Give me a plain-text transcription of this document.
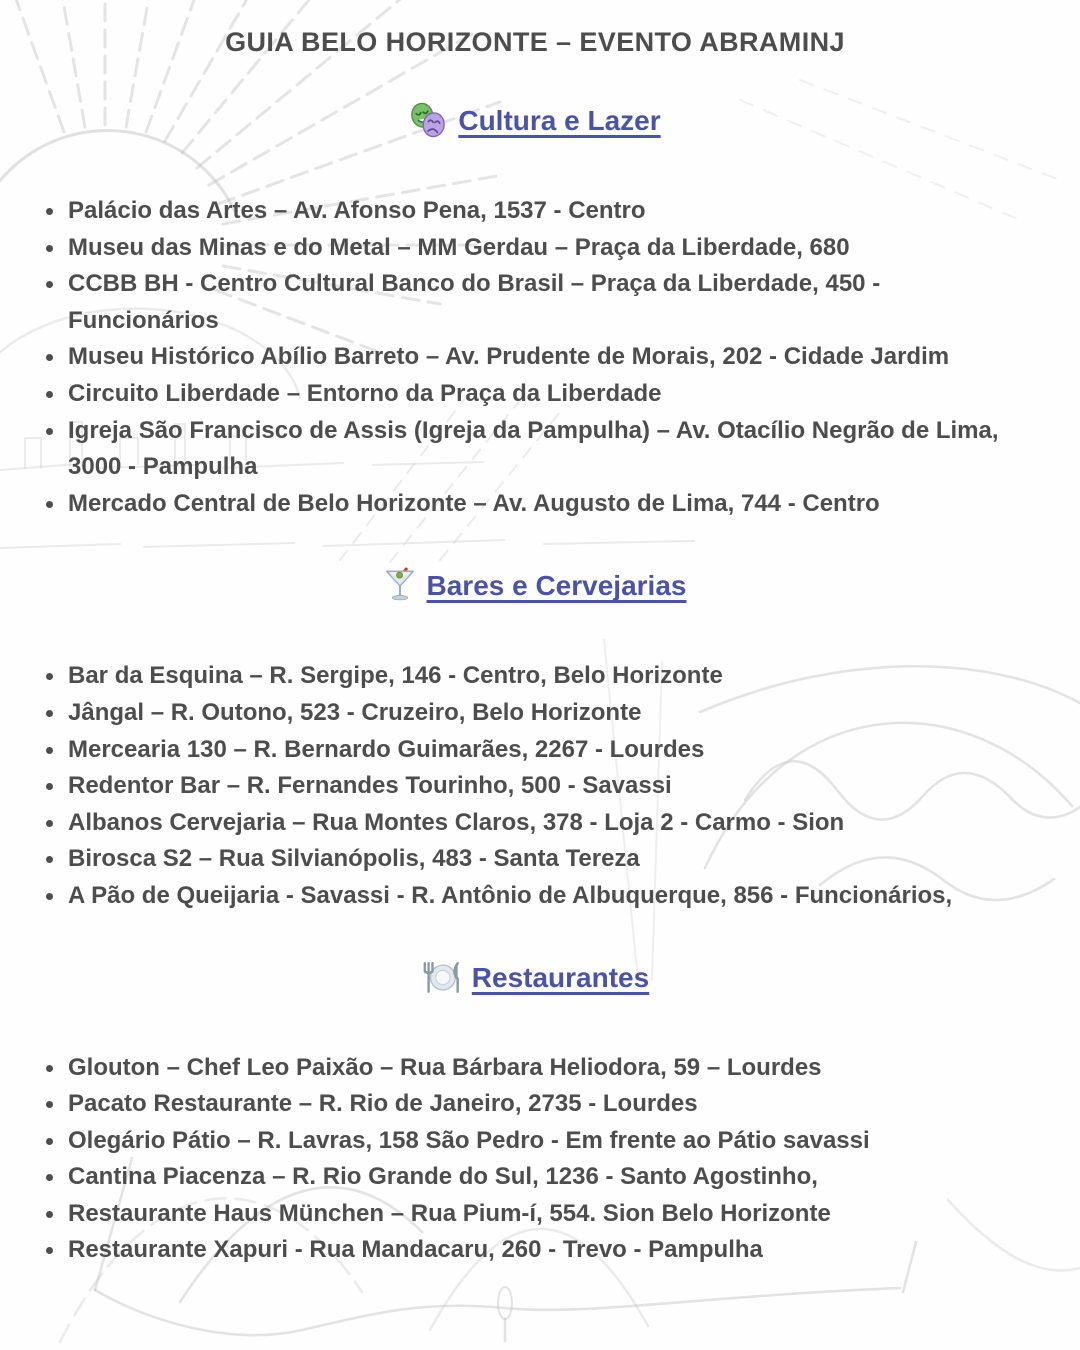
GUIA BELO HORIZONTE – EVENTO ABRAMINJ

Cultura e Lazer

• Palácio das Artes – Av. Afonso Pena, 1537 - Centro
• Museu das Minas e do Metal – MM Gerdau – Praça da Liberdade, 680
• CCBB BH - Centro Cultural Banco do Brasil – Praça da Liberdade, 450 - Funcionários
• Museu Histórico Abílio Barreto – Av. Prudente de Morais, 202 - Cidade Jardim
• Circuito Liberdade – Entorno da Praça da Liberdade
• Igreja São Francisco de Assis (Igreja da Pampulha) – Av. Otacílio Negrão de Lima, 3000 - Pampulha
• Mercado Central de Belo Horizonte – Av. Augusto de Lima, 744 - Centro

Bares e Cervejarias

• Bar da Esquina – R. Sergipe, 146 - Centro, Belo Horizonte
• Jângal – R. Outono, 523 - Cruzeiro, Belo Horizonte
• Mercearia 130 – R. Bernardo Guimarães, 2267 - Lourdes
• Redentor Bar – R. Fernandes Tourinho, 500 - Savassi
• Albanos Cervejaria – Rua Montes Claros, 378 - Loja 2 - Carmo - Sion
• Birosca S2 – Rua Silvianópolis, 483 - Santa Tereza
• A Pão de Queijaria - Savassi - R. Antônio de Albuquerque, 856 - Funcionários,

Restaurantes

• Glouton – Chef Leo Paixão – Rua Bárbara Heliodora, 59 – Lourdes
• Pacato Restaurante – R. Rio de Janeiro, 2735 - Lourdes
• Olegário Pátio – R. Lavras, 158 São Pedro - Em frente ao Pátio savassi
• Cantina Piacenza – R. Rio Grande do Sul, 1236 - Santo Agostinho,
• Restaurante Haus München – Rua Pium-í, 554. Sion Belo Horizonte
• Restaurante Xapuri - Rua Mandacaru, 260 - Trevo - Pampulha
